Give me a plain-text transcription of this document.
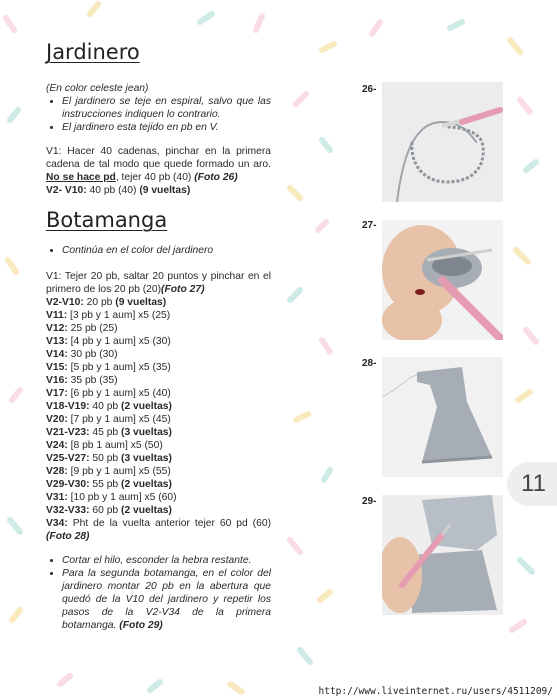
Jardinero

(En color celeste jean)

• El jardinero se teje en espiral, salvo que las instrucciones indiquen lo contrario.
• El jardinero esta tejido en pb en V.

V1: Hacer 40 cadenas, pinchar en la primera cadena de tal modo que quede formado un aro. No se hace pd, tejer 40 pb (40) (Foto 26)

V2- V10: 40 pb (40) (9 vueltas)

Botamanga
• Continúa en el color del jardinero

V1: Tejer 20 pb, saltar 20 puntos y pinchar en el primero de los 20 pb (20)(Foto 27)

V2-V10: 20 pb (9 vueltas)

V11: [3 pb y 1 aum] x5 (25)

V12: 25 pb (25)

V13: [4 pb y 1 aum] x5 (30)

V14: 30 pb (30)

V15: [5 pb y 1 aum] x5 (35)

V16: 35 pb (35)

V17: [6 pb y 1 aum] x5 (40)

V18-V19: 40 pb (2 vueltas)

V20: [7 pb y 1 aum] x5 (45)

V21-V23: 45 pb (3 vueltas)

V24: [8 pb 1 aum] x5 (50)

V25-V27: 50 pb (3 vueltas)

V28: [9 pb y 1 aum] x5 (55)

V29-V30: 55 pb (2 vueltas)

V31: [10 pb y 1 aum] x5 (60)

V32-V33: 60 pb (2 vueltas)

V34: Pht de la vuelta anterior tejer 60 pd (60) (Foto 28)

• Cortar el hilo, esconder la hebra restante.
• Para la segunda botamanga, en el color del jardinero montar 20 pb en la abertura que quedó de la V10 del jardinero y repetir los pasos de la V2-V34 de la primera botamanga. (Foto 29)
26-
27-
28-
29-
11
http://www.liveinternet.ru/users/4511209/
